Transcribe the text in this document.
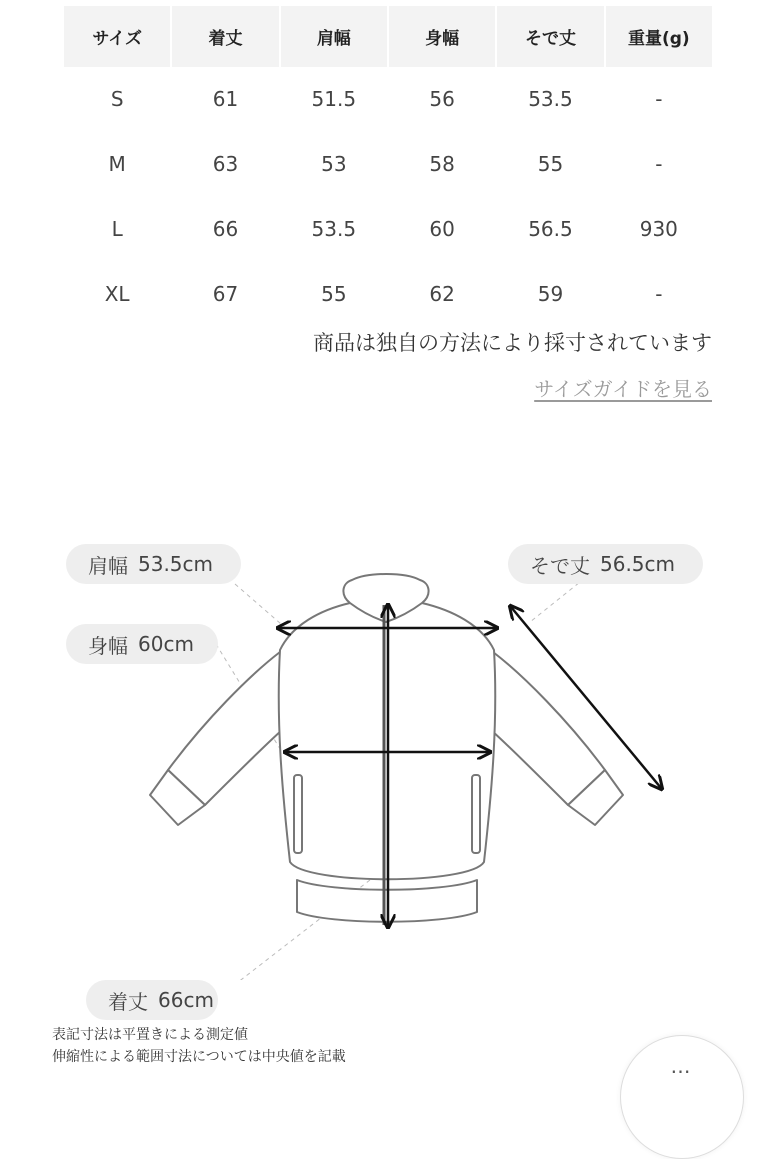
サイズ	着丈	肩幅	身幅	そで丈	重量(g)
S	61	51.5	56	53.5	-
M	63	53	58	55	-
L	66	53.5	60	56.5	930
XL	67	55	62	59	-
商品は独自の方法により採寸されています
サイズガイドを見る
肩幅 53.5cm
身幅 60cm
そで丈 56.5cm
着丈 66cm
表記寸法は平置きによる測定値
伸縮性による範囲寸法については中央値を記載	…
